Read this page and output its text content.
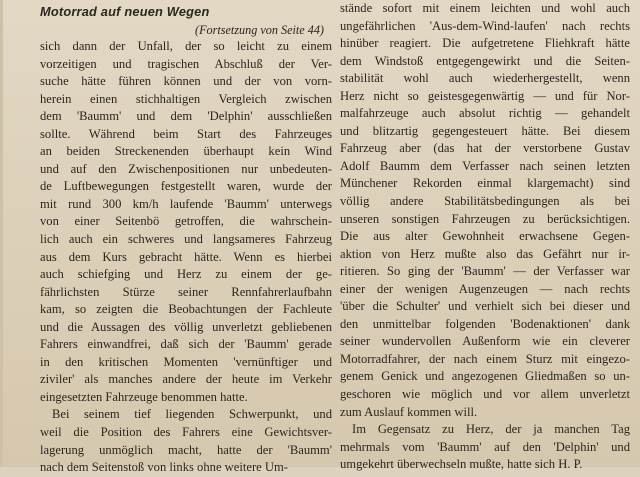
Motorrad auf neuen Wegen
(Fortsetzung von Seite 44)
sich dann der Unfall, der so leicht zu einem
vorzeitigen und tragischen Abschluß der Ver-
suche hätte führen können und der von vorn-
herein einen stichhaltigen Vergleich zwischen
dem 'Baumm' und dem 'Delphin' ausschließen
sollte. Während beim Start des Fahrzeuges
an beiden Streckenenden überhaupt kein Wind
und auf den Zwischenpositionen nur unbedeuten-
de Luftbewegungen festgestellt waren, wurde der
mit rund 300 km/h laufende 'Baumm' unterwegs
von einer Seitenbö getroffen, die wahrschein-
lich auch ein schweres und langsameres Fahrzeug
aus dem Kurs gebracht hätte. Wenn es hierbei
auch schiefging und Herz zu einem der ge-
fährlichsten Stürze seiner Rennfahrerlaufbahn
kam, so zeigten die Beobachtungen der Fachleute
und die Aussagen des völlig unverletzt gebliebenen
Fahrers einwandfrei, daß sich der 'Baumm' gerade
in den kritischen Momenten 'vernünftiger und
ziviler' als manches andere der heute im Verkehr
eingesetzten Fahrzeuge benommen hatte.
Bei seinem tief liegenden Schwerpunkt, und
weil die Position des Fahrers eine Gewichtsver-
lagerung unmöglich macht, hatte der 'Baumm'
nach dem Seitenstoß von links ohne weitere Um-
stände sofort mit einem leichten und wohl auch
ungefährlichen 'Aus-dem-Wind-laufen' nach rechts
hinüber reagiert. Die aufgetretene Fliehkraft hätte
dem Windstoß entgegengewirkt und die Seiten-
stabilität wohl auch wiederhergestellt, wenn
Herz nicht so geistesgegenwärtig — und für Nor-
malfahrzeuge auch absolut richtig — gehandelt
und blitzartig gegengesteuert hätte. Bei diesem
Fahrzeug aber (das hat der verstorbene Gustav
Adolf Baumm dem Verfasser nach seinen letzten
Münchener Rekorden einmal klargemacht) sind
völlig andere Stabilitätsbedingungen als bei
unseren sonstigen Fahrzeugen zu berücksichtigen.
Die aus alter Gewohnheit erwachsene Gegen-
aktion von Herz mußte also das Gefährt nur ir-
ritieren. So ging der 'Baumm' — der Verfasser war
einer der wenigen Augenzeugen — nach rechts
'über die Schulter' und verhielt sich bei dieser und
den unmittelbar folgenden 'Bodenaktionen' dank
seiner wundervollen Außenform wie ein cleverer
Motorradfahrer, der nach einem Sturz mit eingezo-
genem Genick und angezogenen Gliedmaßen so un-
geschoren wie möglich und vor allem unverletzt
zum Auslauf kommen will.
Im Gegensatz zu Herz, der ja manchen Tag
mehrmals vom 'Baumm' auf den 'Delphin' und
umgekehrt überwechseln mußte, hatte sich H. P.
